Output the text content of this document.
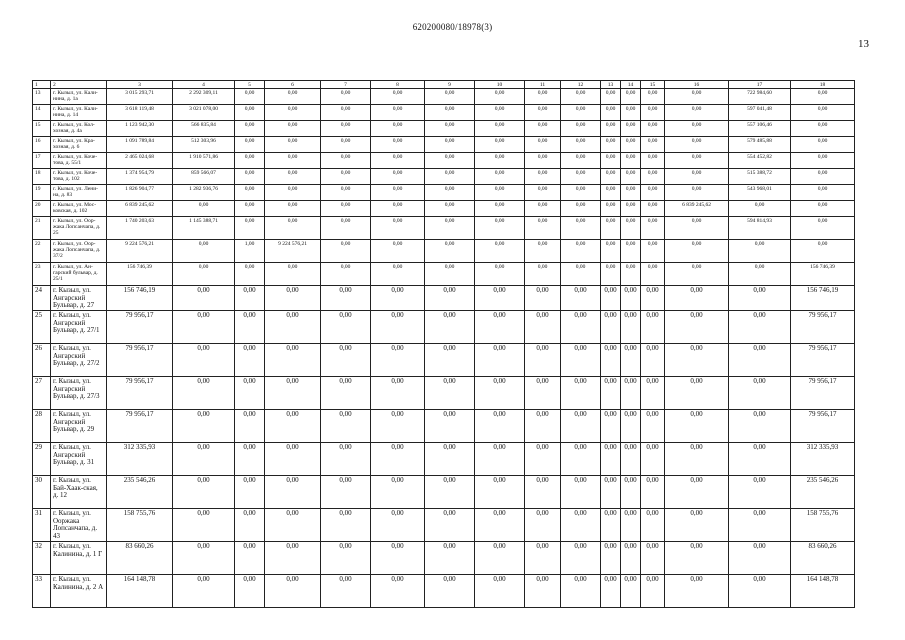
620200080/18978(3)
13
1	2	3	4	5	6	7	8	9	10	11	12	13	14	15	16	17	18
13	г. Кызыл, ул. Кали-нина, д. 1а	3 015 293,71	2 292 309,11	0,00	0,00	0,00	0,00	0,00	0,00	0,00	0,00	0,00	0,00	0,00	0,00	722 984,60	0,00
14	г. Кызыл, ул. Кали-нина, д. 14	3 618 119,48	3 021 078,00	0,00	0,00	0,00	0,00	0,00	0,00	0,00	0,00	0,00	0,00	0,00	0,00	597 041,48	0,00
15	г. Кызыл, ул. Кол-хозная, д. 4а	1 123 942,30	566 835,84	0,00	0,00	0,00	0,00	0,00	0,00	0,00	0,00	0,00	0,00	0,00	0,00	557 106,46	0,00
16	г. Кызыл, ул. Кра-хозная, д. 6	1 091 789,84	512 303,96	0,00	0,00	0,00	0,00	0,00	0,00	0,00	0,00	0,00	0,00	0,00	0,00	579 485,88	0,00
17	г. Кызыл, ул. Коче-това, д. 55/1	2 465 024,68	1 910 571,86	0,00	0,00	0,00	0,00	0,00	0,00	0,00	0,00	0,00	0,00	0,00	0,00	554 452,82	0,00
18	г. Кызыл, ул. Коче-това, д. 102	1 374 954,79	859 566,07	0,00	0,00	0,00	0,00	0,00	0,00	0,00	0,00	0,00	0,00	0,00	0,00	515 388,72	0,00
19	г. Кызыл, ул. Лени-на, д. 83	1 826 904,77	1 282 936,76	0,00	0,00	0,00	0,00	0,00	0,00	0,00	0,00	0,00	0,00	0,00	0,00	543 968,01	0,00
20	г. Кызыл, ул. Мос-ковская, д. 102	6 839 245,62	0,00	0,00	0,00	0,00	0,00	0,00	0,00	0,00	0,00	0,00	0,00	0,00	6 839 245,62	0,00	0,00
21	г. Кызыл, ул. Оор-жака Лопсанчапа, д. 25	1 740 203,63	1 145 388,71	0,00	0,00	0,00	0,00	0,00	0,00	0,00	0,00	0,00	0,00	0,00	0,00	594 814,93	0,00
22	г. Кызыл, ул. Оор-жака Лопсанчапа, д. 37/2	9 224 576,21	0,00	1,00	9 224 576,21	0,00	0,00	0,00	0,00	0,00	0,00	0,00	0,00	0,00	0,00	0,00	0,00
23	г. Кызыл, ул. Ан-гарский бульвар, д. 25/1	156 746,39	0,00	0,00	0,00	0,00	0,00	0,00	0,00	0,00	0,00	0,00	0,00	0,00	0,00	0,00	156 746,39
24	г. Кызыл, ул. Ангарский Бульвар, д. 27	156 746,19	0,00	0,00	0,00	0,00	0,00	0,00	0,00	0,00	0,00	0,00	0,00	0,00	0,00	0,00	156 746,19
25	г. Кызыл, ул. Ангарский Бульвар, д. 27/1	79 956,17	0,00	0,00	0,00	0,00	0,00	0,00	0,00	0,00	0,00	0,00	0,00	0,00	0,00	0,00	79 956,17
26	г. Кызыл, ул. Ангарский Бульвар, д. 27/2	79 956,17	0,00	0,00	0,00	0,00	0,00	0,00	0,00	0,00	0,00	0,00	0,00	0,00	0,00	0,00	79 956,17
27	г. Кызыл, ул. Ангарский Бульвар, д. 27/3	79 956,17	0,00	0,00	0,00	0,00	0,00	0,00	0,00	0,00	0,00	0,00	0,00	0,00	0,00	0,00	79 956,17
28	г. Кызыл, ул. Ангарский Бульвар, д. 29	79 956,17	0,00	0,00	0,00	0,00	0,00	0,00	0,00	0,00	0,00	0,00	0,00	0,00	0,00	0,00	79 956,17
29	г. Кызыл, ул. Ангарский Бульвар, д. 31	312 335,93	0,00	0,00	0,00	0,00	0,00	0,00	0,00	0,00	0,00	0,00	0,00	0,00	0,00	0,00	312 335,93
30	г. Кызыл, ул. Бай-Хаак-ская, д. 12	235 546,26	0,00	0,00	0,00	0,00	0,00	0,00	0,00	0,00	0,00	0,00	0,00	0,00	0,00	0,00	235 546,26
31	г. Кызыл, ул. Ооржака Лопсанчапа, д. 43	158 755,76	0,00	0,00	0,00	0,00	0,00	0,00	0,00	0,00	0,00	0,00	0,00	0,00	0,00	0,00	158 755,76
32	г. Кызыл, ул. Калинина, д. 1 Г	83 660,26	0,00	0,00	0,00	0,00	0,00	0,00	0,00	0,00	0,00	0,00	0,00	0,00	0,00	0,00	83 660,26
33	г. Кызыл, ул. Калинина, д. 2 А	164 148,78	0,00	0,00	0,00	0,00	0,00	0,00	0,00	0,00	0,00	0,00	0,00	0,00	0,00	0,00	164 148,78
